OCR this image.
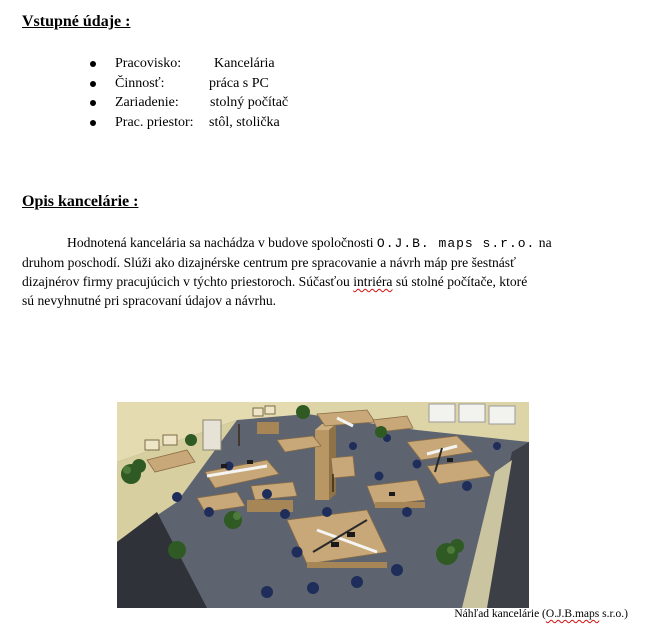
Vstupné údaje :
Pracovisko: Kancelária
Činnosť:	práca s PC
Zariadenie: stolný počítač
Prac. priestor: stôl, stolička
Opis kancelárie :

Hodnotená kancelária sa nachádza v budove spoločnosti O.J.B. maps s.r.o. na
druhom poschodí. Slúži ako dizajnérske centrum pre spracovanie a návrh máp pre šestnásť
dizajnérov firmy pracujúcich v týchto priestoroch. Súčasťou intriéra sú stolné počítače, ktoré
sú nevyhnutné pri spracovaní údajov a návrhu.

Náhľad kancelárie (O.J.B.maps s.r.o.)
